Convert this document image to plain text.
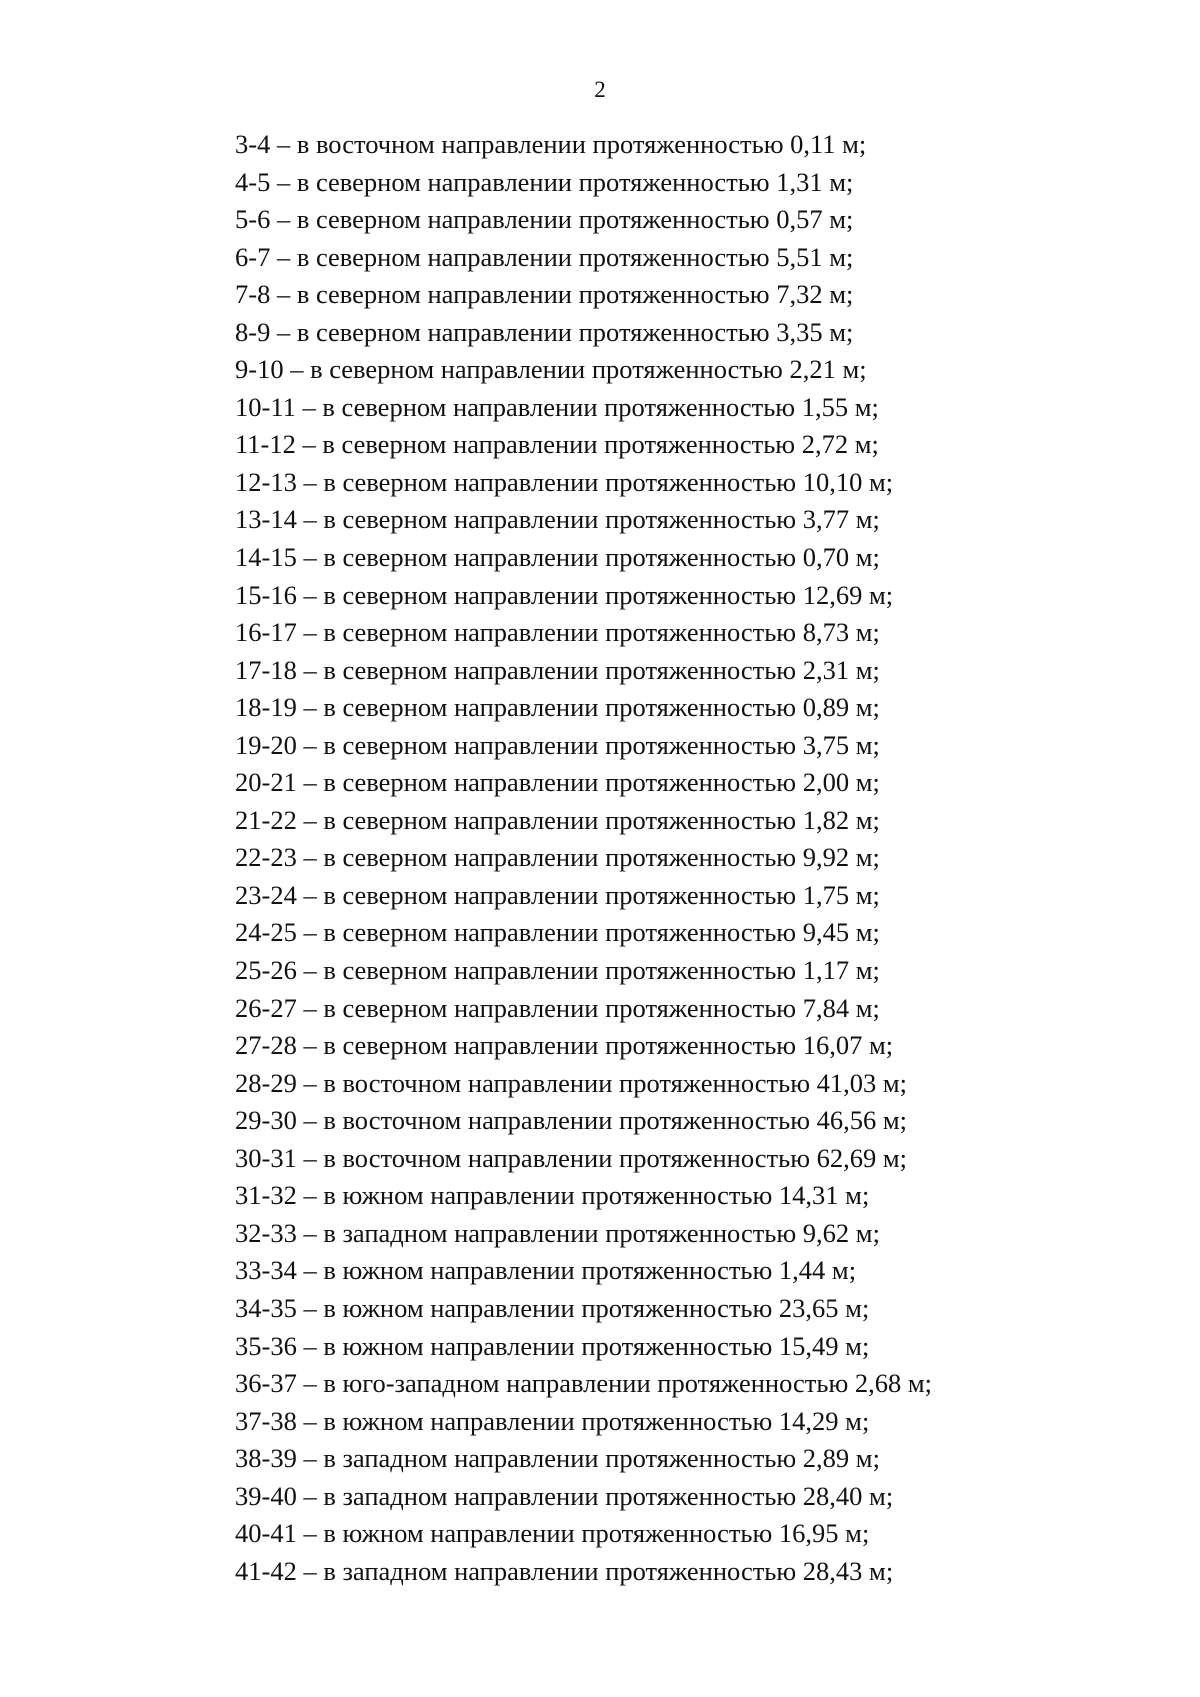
2
3-4 – в восточном направлении протяженностью 0,11 м;
4-5 – в северном направлении протяженностью 1,31 м;
5-6 – в северном направлении протяженностью 0,57 м;
6-7 – в северном направлении протяженностью 5,51 м;
7-8 – в северном направлении протяженностью 7,32 м;
8-9 – в северном направлении протяженностью 3,35 м;
9-10 – в северном направлении протяженностью 2,21 м;
10-11 – в северном направлении протяженностью 1,55 м;
11-12 – в северном направлении протяженностью 2,72 м;
12-13 – в северном направлении протяженностью 10,10 м;
13-14 – в северном направлении протяженностью 3,77 м;
14-15 – в северном направлении протяженностью 0,70 м;
15-16 – в северном направлении протяженностью 12,69 м;
16-17 – в северном направлении протяженностью 8,73 м;
17-18 – в северном направлении протяженностью 2,31 м;
18-19 – в северном направлении протяженностью 0,89 м;
19-20 – в северном направлении протяженностью 3,75 м;
20-21 – в северном направлении протяженностью 2,00 м;
21-22 – в северном направлении протяженностью 1,82 м;
22-23 – в северном направлении протяженностью 9,92 м;
23-24 – в северном направлении протяженностью 1,75 м;
24-25 – в северном направлении протяженностью 9,45 м;
25-26 – в северном направлении протяженностью 1,17 м;
26-27 – в северном направлении протяженностью 7,84 м;
27-28 – в северном направлении протяженностью 16,07 м;
28-29 – в восточном направлении протяженностью 41,03 м;
29-30 – в восточном направлении протяженностью 46,56 м;
30-31 – в восточном направлении протяженностью 62,69 м;
31-32 – в южном направлении протяженностью 14,31 м;
32-33 – в западном направлении протяженностью 9,62 м;
33-34 – в южном направлении протяженностью 1,44 м;
34-35 – в южном направлении протяженностью 23,65 м;
35-36 – в южном направлении протяженностью 15,49 м;
36-37 – в юго-западном направлении протяженностью 2,68 м;
37-38 – в южном направлении протяженностью 14,29 м;
38-39 – в западном направлении протяженностью 2,89 м;
39-40 – в западном направлении протяженностью 28,40 м;
40-41 – в южном направлении протяженностью 16,95 м;
41-42 – в западном направлении протяженностью 28,43 м;
